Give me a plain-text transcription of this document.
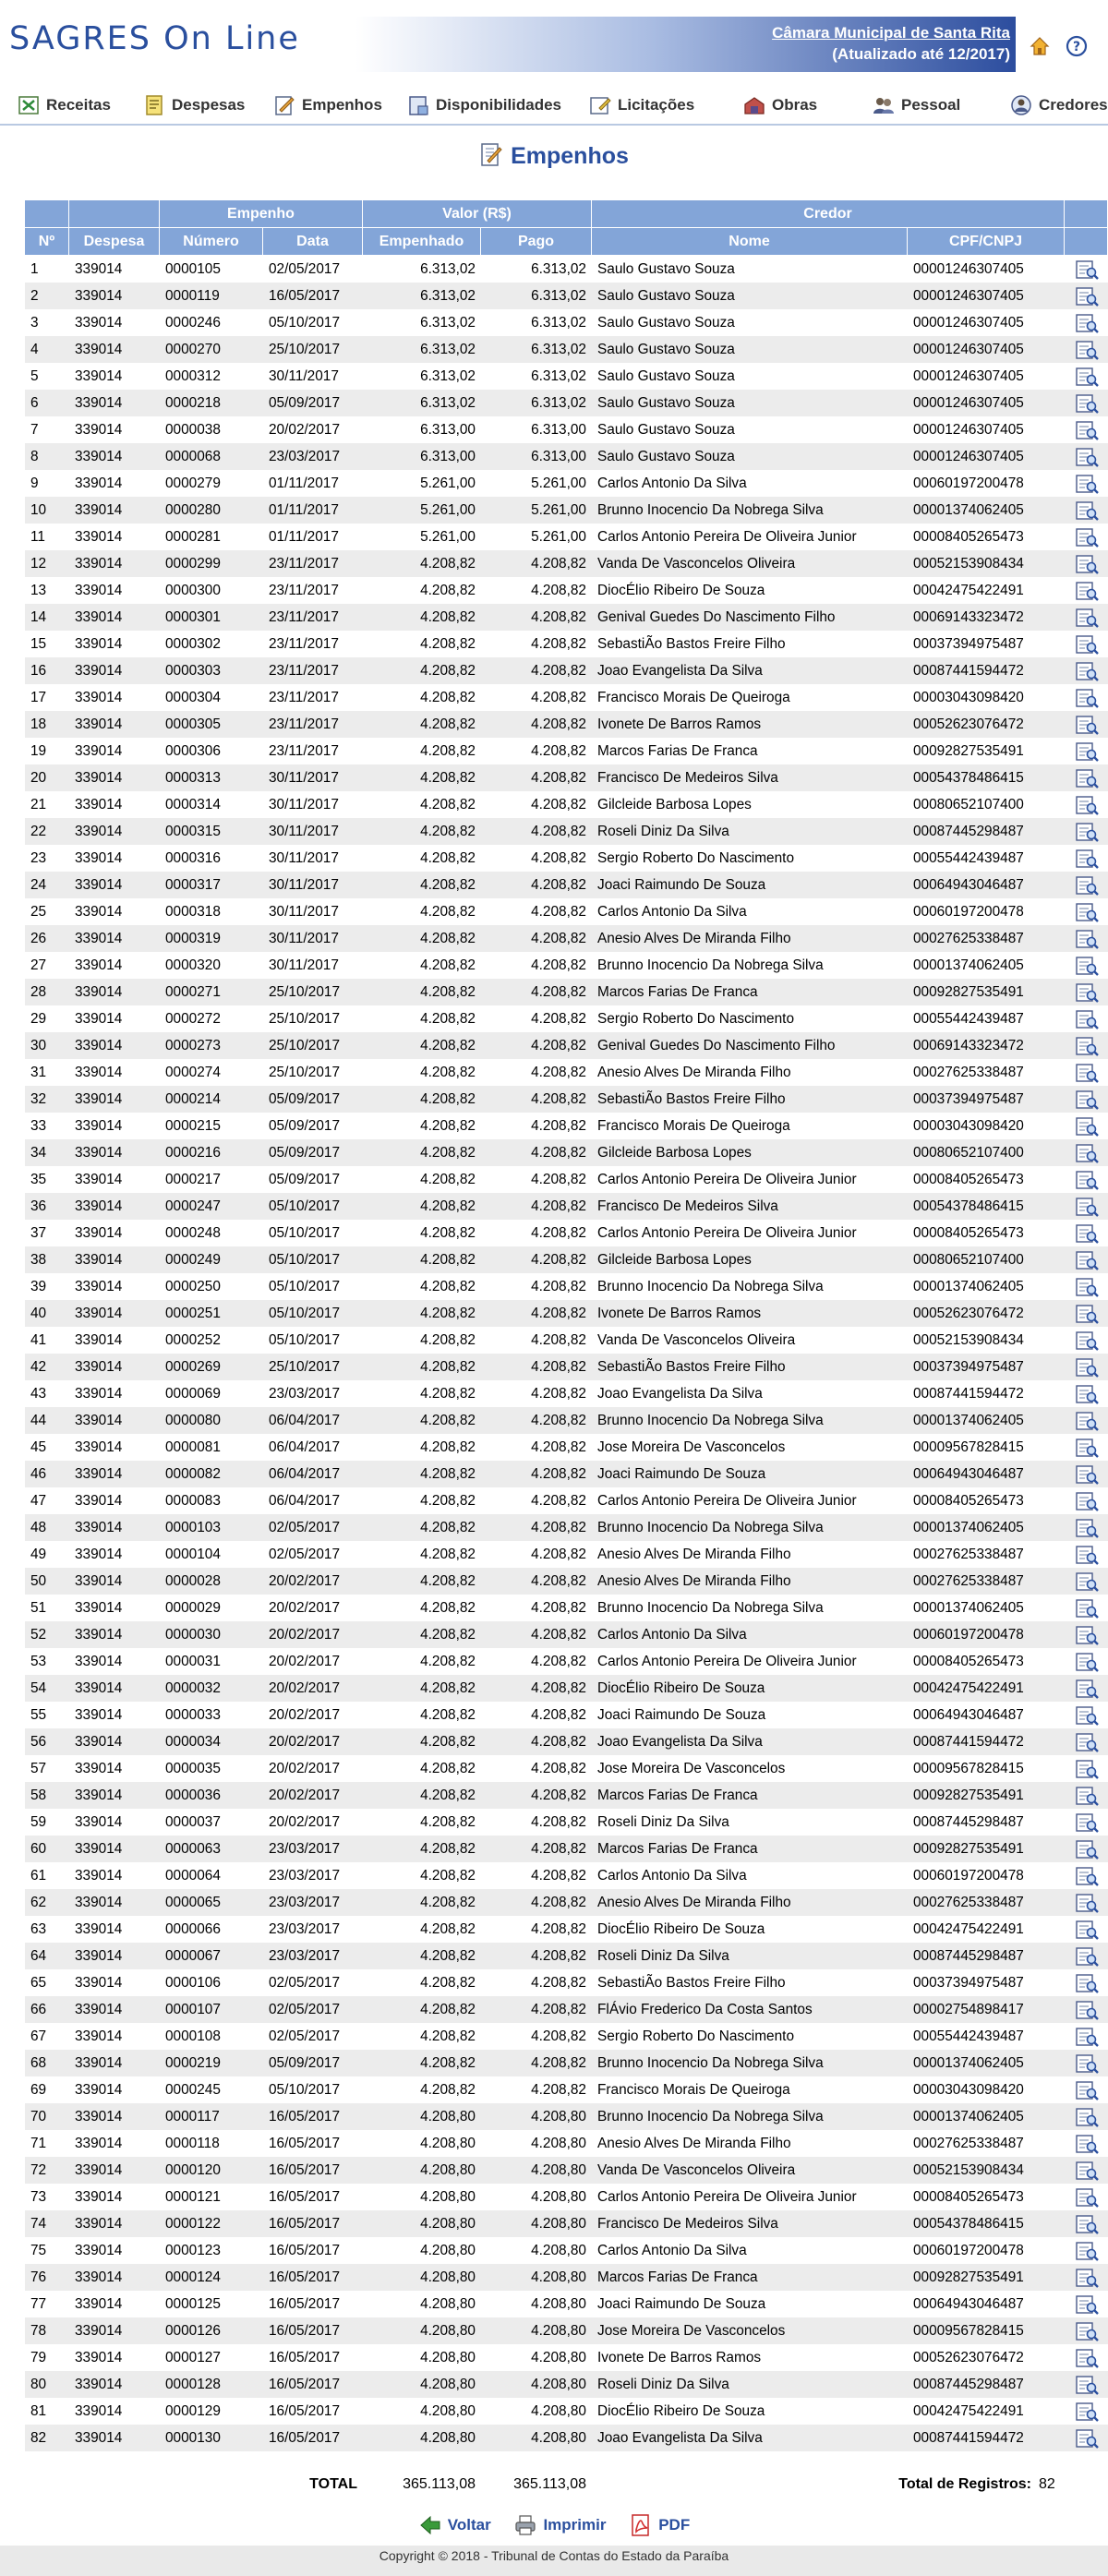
SAGRES On Line	Câmara Municipal de Santa Rita
(Atualizado até 12/2017)	?
Receitas	Despesas	Empenhos	Disponibilidades	Licitações	Obras	Pessoal	Credores
Empenhos
Empenho	Valor (R$)	Credor
Nº	Despesa	Número	Data	Empenhado	Pago	Nome	CPF/CNPJ
1	339014	0000105	02/05/2017	6.313,02	6.313,02 Saulo Gustavo Souza	00001246307405
2	339014	0000119	16/05/2017	6.313,02	6.313,02 Saulo Gustavo Souza	00001246307405
3	339014	0000246	05/10/2017	6.313,02	6.313,02 Saulo Gustavo Souza	00001246307405
4	339014	0000270	25/10/2017	6.313,02	6.313,02 Saulo Gustavo Souza	00001246307405
5	339014	0000312	30/11/2017	6.313,02	6.313,02 Saulo Gustavo Souza	00001246307405
6	339014	0000218	05/09/2017	6.313,02	6.313,02 Saulo Gustavo Souza	00001246307405
7	339014	0000038	20/02/2017	6.313,00	6.313,00 Saulo Gustavo Souza	00001246307405
8	339014	0000068	23/03/2017	6.313,00	6.313,00 Saulo Gustavo Souza	00001246307405
9	339014	0000279	01/11/2017	5.261,00	5.261,00 Carlos Antonio Da Silva	00060197200478
10	339014	0000280	01/11/2017	5.261,00	5.261,00 Brunno Inocencio Da Nobrega Silva	00001374062405
11	339014	0000281	01/11/2017	5.261,00	5.261,00 Carlos Antonio Pereira De Oliveira Junior	00008405265473
12	339014	0000299	23/11/2017	4.208,82	4.208,82 Vanda De Vasconcelos Oliveira	00052153908434
13	339014	0000300	23/11/2017	4.208,82	4.208,82 DiocÉlio Ribeiro De Souza	00042475422491
14	339014	0000301	23/11/2017	4.208,82	4.208,82 Genival Guedes Do Nascimento Filho	00069143323472
15	339014	0000302	23/11/2017	4.208,82	4.208,82 SebastiÃo Bastos Freire Filho	00037394975487
16	339014	0000303	23/11/2017	4.208,82	4.208,82 Joao Evangelista Da Silva	00087441594472
17	339014	0000304	23/11/2017	4.208,82	4.208,82 Francisco Morais De Queiroga	00003043098420
18	339014	0000305	23/11/2017	4.208,82	4.208,82 Ivonete De Barros Ramos	00052623076472
19	339014	0000306	23/11/2017	4.208,82	4.208,82 Marcos Farias De Franca	00092827535491
20	339014	0000313	30/11/2017	4.208,82	4.208,82 Francisco De Medeiros Silva	00054378486415
21	339014	0000314	30/11/2017	4.208,82	4.208,82 Gilcleide Barbosa Lopes	00080652107400
22	339014	0000315	30/11/2017	4.208,82	4.208,82 Roseli Diniz Da Silva	00087445298487
23	339014	0000316	30/11/2017	4.208,82	4.208,82 Sergio Roberto Do Nascimento	00055442439487
24	339014	0000317	30/11/2017	4.208,82	4.208,82 Joaci Raimundo De Souza	00064943046487
25	339014	0000318	30/11/2017	4.208,82	4.208,82 Carlos Antonio Da Silva	00060197200478
26	339014	0000319	30/11/2017	4.208,82	4.208,82 Anesio Alves De Miranda Filho	00027625338487
27	339014	0000320	30/11/2017	4.208,82	4.208,82 Brunno Inocencio Da Nobrega Silva	00001374062405
28	339014	0000271	25/10/2017	4.208,82	4.208,82 Marcos Farias De Franca	00092827535491
29	339014	0000272	25/10/2017	4.208,82	4.208,82 Sergio Roberto Do Nascimento	00055442439487
30	339014	0000273	25/10/2017	4.208,82	4.208,82 Genival Guedes Do Nascimento Filho	00069143323472
31	339014	0000274	25/10/2017	4.208,82	4.208,82 Anesio Alves De Miranda Filho	00027625338487
32	339014	0000214	05/09/2017	4.208,82	4.208,82 SebastiÃo Bastos Freire Filho	00037394975487
33	339014	0000215	05/09/2017	4.208,82	4.208,82 Francisco Morais De Queiroga	00003043098420
34	339014	0000216	05/09/2017	4.208,82	4.208,82 Gilcleide Barbosa Lopes	00080652107400
35	339014	0000217	05/09/2017	4.208,82	4.208,82 Carlos Antonio Pereira De Oliveira Junior	00008405265473
36	339014	0000247	05/10/2017	4.208,82	4.208,82 Francisco De Medeiros Silva	00054378486415
37	339014	0000248	05/10/2017	4.208,82	4.208,82 Carlos Antonio Pereira De Oliveira Junior	00008405265473
38	339014	0000249	05/10/2017	4.208,82	4.208,82 Gilcleide Barbosa Lopes	00080652107400
39	339014	0000250	05/10/2017	4.208,82	4.208,82 Brunno Inocencio Da Nobrega Silva	00001374062405
40	339014	0000251	05/10/2017	4.208,82	4.208,82 Ivonete De Barros Ramos	00052623076472
41	339014	0000252	05/10/2017	4.208,82	4.208,82 Vanda De Vasconcelos Oliveira	00052153908434
42	339014	0000269	25/10/2017	4.208,82	4.208,82 SebastiÃo Bastos Freire Filho	00037394975487
43	339014	0000069	23/03/2017	4.208,82	4.208,82 Joao Evangelista Da Silva	00087441594472
44	339014	0000080	06/04/2017	4.208,82	4.208,82 Brunno Inocencio Da Nobrega Silva	00001374062405
45	339014	0000081	06/04/2017	4.208,82	4.208,82 Jose Moreira De Vasconcelos	00009567828415
46	339014	0000082	06/04/2017	4.208,82	4.208,82 Joaci Raimundo De Souza	00064943046487
47	339014	0000083	06/04/2017	4.208,82	4.208,82 Carlos Antonio Pereira De Oliveira Junior	00008405265473
48	339014	0000103	02/05/2017	4.208,82	4.208,82 Brunno Inocencio Da Nobrega Silva	00001374062405
49	339014	0000104	02/05/2017	4.208,82	4.208,82 Anesio Alves De Miranda Filho	00027625338487
50	339014	0000028	20/02/2017	4.208,82	4.208,82 Anesio Alves De Miranda Filho	00027625338487
51	339014	0000029	20/02/2017	4.208,82	4.208,82 Brunno Inocencio Da Nobrega Silva	00001374062405
52	339014	0000030	20/02/2017	4.208,82	4.208,82 Carlos Antonio Da Silva	00060197200478
53	339014	0000031	20/02/2017	4.208,82	4.208,82 Carlos Antonio Pereira De Oliveira Junior	00008405265473
54	339014	0000032	20/02/2017	4.208,82	4.208,82 DiocÉlio Ribeiro De Souza	00042475422491
55	339014	0000033	20/02/2017	4.208,82	4.208,82 Joaci Raimundo De Souza	00064943046487
56	339014	0000034	20/02/2017	4.208,82	4.208,82 Joao Evangelista Da Silva	00087441594472
57	339014	0000035	20/02/2017	4.208,82	4.208,82 Jose Moreira De Vasconcelos	00009567828415
58	339014	0000036	20/02/2017	4.208,82	4.208,82 Marcos Farias De Franca	00092827535491
59	339014	0000037	20/02/2017	4.208,82	4.208,82 Roseli Diniz Da Silva	00087445298487
60	339014	0000063	23/03/2017	4.208,82	4.208,82 Marcos Farias De Franca	00092827535491
61	339014	0000064	23/03/2017	4.208,82	4.208,82 Carlos Antonio Da Silva	00060197200478
62	339014	0000065	23/03/2017	4.208,82	4.208,82 Anesio Alves De Miranda Filho	00027625338487
63	339014	0000066	23/03/2017	4.208,82	4.208,82 DiocÉlio Ribeiro De Souza	00042475422491
64	339014	0000067	23/03/2017	4.208,82	4.208,82 Roseli Diniz Da Silva	00087445298487
65	339014	0000106	02/05/2017	4.208,82	4.208,82 SebastiÃo Bastos Freire Filho	00037394975487
66	339014	0000107	02/05/2017	4.208,82	4.208,82 FlÁvio Frederico Da Costa Santos	00002754898417
67	339014	0000108	02/05/2017	4.208,82	4.208,82 Sergio Roberto Do Nascimento	00055442439487
68	339014	0000219	05/09/2017	4.208,82	4.208,82 Brunno Inocencio Da Nobrega Silva	00001374062405
69	339014	0000245	05/10/2017	4.208,82	4.208,82 Francisco Morais De Queiroga	00003043098420
70	339014	0000117	16/05/2017	4.208,80	4.208,80 Brunno Inocencio Da Nobrega Silva	00001374062405
71	339014	0000118	16/05/2017	4.208,80	4.208,80 Anesio Alves De Miranda Filho	00027625338487
72	339014	0000120	16/05/2017	4.208,80	4.208,80 Vanda De Vasconcelos Oliveira	00052153908434
73	339014	0000121	16/05/2017	4.208,80	4.208,80 Carlos Antonio Pereira De Oliveira Junior	00008405265473
74	339014	0000122	16/05/2017	4.208,80	4.208,80 Francisco De Medeiros Silva	00054378486415
75	339014	0000123	16/05/2017	4.208,80	4.208,80 Carlos Antonio Da Silva	00060197200478
76	339014	0000124	16/05/2017	4.208,80	4.208,80 Marcos Farias De Franca	00092827535491
77	339014	0000125	16/05/2017	4.208,80	4.208,80 Joaci Raimundo De Souza	00064943046487
78	339014	0000126	16/05/2017	4.208,80	4.208,80 Jose Moreira De Vasconcelos	00009567828415
79	339014	0000127	16/05/2017	4.208,80	4.208,80 Ivonete De Barros Ramos	00052623076472
80	339014	0000128	16/05/2017	4.208,80	4.208,80 Roseli Diniz Da Silva	00087445298487
81	339014	0000129	16/05/2017	4.208,80	4.208,80 DiocÉlio Ribeiro De Souza	00042475422491
82	339014	0000130	16/05/2017	4.208,80	4.208,80 Joao Evangelista Da Silva	00087441594472
TOTAL	365.113,08	365.113,08	Total de Registros: 82
Voltar
	Imprimir
	PDF
Copyright © 2018 - Tribunal de Contas do Estado da Paraíba
